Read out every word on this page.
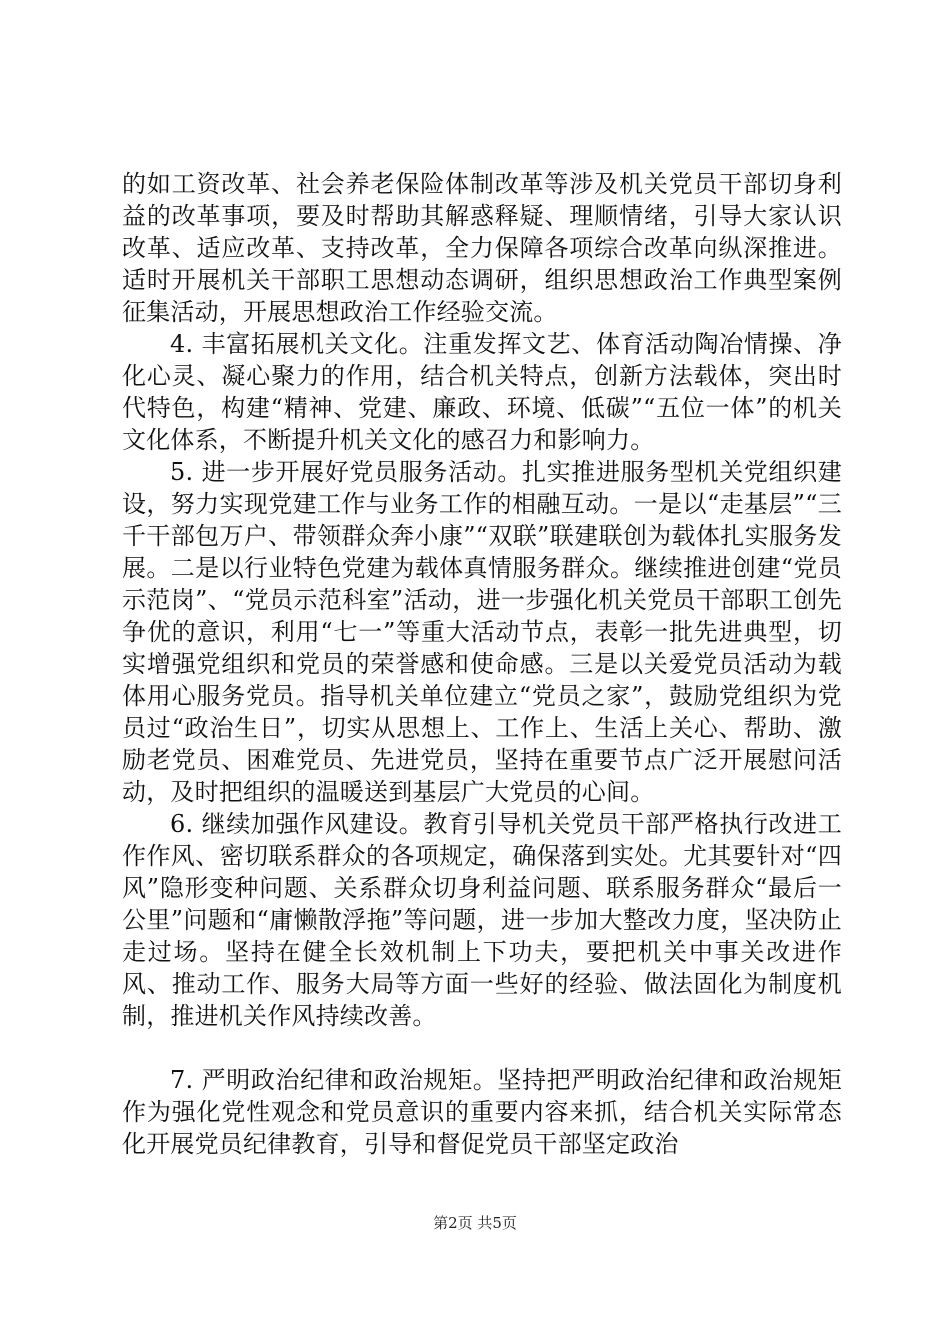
的如工资改革、社会养老保险体制改革等涉及机关党员干部切身利益的改革事项，要及时帮助其解惑释疑、理顺情绪，引导大家认识改革、适应改革、支持改革，全力保障各项综合改革向纵深推进。适时开展机关干部职工思想动态调研，组织思想政治工作典型案例征集活动，开展思想政治工作经验交流。

4. 丰富拓展机关文化。注重发挥文艺、体育活动陶冶情操、净化心灵、凝心聚力的作用，结合机关特点，创新方法载体，突出时代特色，构建“精神、党建、廉政、环境、低碳”“五位一体”的机关文化体系，不断提升机关文化的感召力和影响力。

5. 进一步开展好党员服务活动。扎实推进服务型机关党组织建设，努力实现党建工作与业务工作的相融互动。一是以“走基层”“三千干部包万户、带领群众奔小康”“双联”联建联创为载体扎实服务发展。二是以行业特色党建为载体真情服务群众。继续推进创建“党员示范岗”、“党员示范科室”活动，进一步强化机关党员干部职工创先争优的意识，利用“七一”等重大活动节点，表彰一批先进典型，切实增强党组织和党员的荣誉感和使命感。三是以关爱党员活动为载体用心服务党员。指导机关单位建立“党员之家”，鼓励党组织为党员过“政治生日”，切实从思想上、工作上、生活上关心、帮助、激励老党员、困难党员、先进党员，坚持在重要节点广泛开展慰问活动，及时把组织的温暖送到基层广大党员的心间。

6. 继续加强作风建设。教育引导机关党员干部严格执行改进工作作风、密切联系群众的各项规定，确保落到实处。尤其要针对“四风”隐形变种问题、关系群众切身利益问题、联系服务群众“最后一公里”问题和“庸懒散浮拖”等问题，进一步加大整改力度，坚决防止走过场。坚持在健全长效机制上下功夫，要把机关中事关改进作风、推动工作、服务大局等方面一些好的经验、做法固化为制度机制，推进机关作风持续改善。

7. 严明政治纪律和政治规矩。坚持把严明政治纪律和政治规矩作为强化党性观念和党员意识的重要内容来抓，结合机关实际常态化开展党员纪律教育，引导和督促党员干部坚定政治

第2页 共5页
